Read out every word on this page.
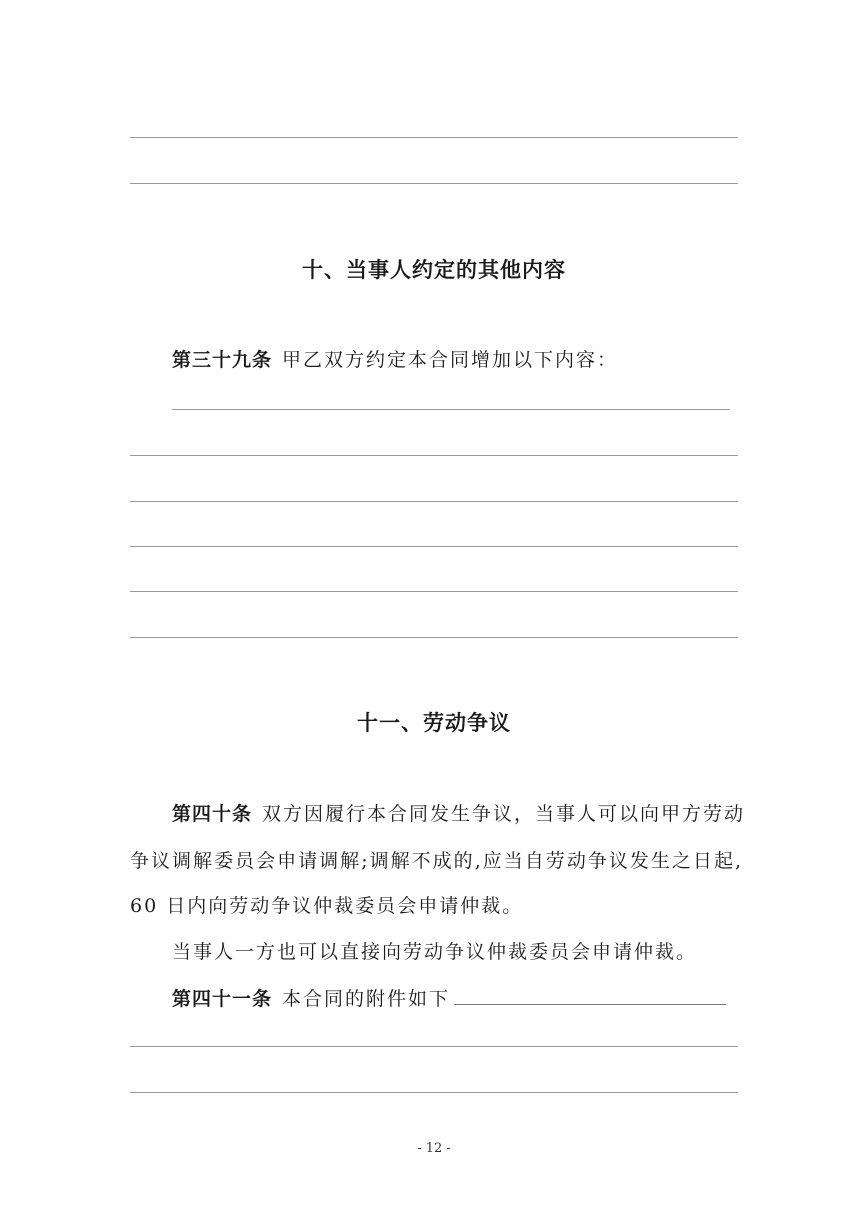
十、当事人约定的其他内容
第三十九条 甲乙双方约定本合同增加以下内容：
十一、劳动争议
第四十条 双方因履行本合同发生争议，当事人可以向甲方劳动
争议调解委员会申请调解;调解不成的,应当自劳动争议发生之日起,
60 日内向劳动争议仲裁委员会申请仲裁。
当事人一方也可以直接向劳动争议仲裁委员会申请仲裁。
第四十一条 本合同的附件如下
- 12 -
